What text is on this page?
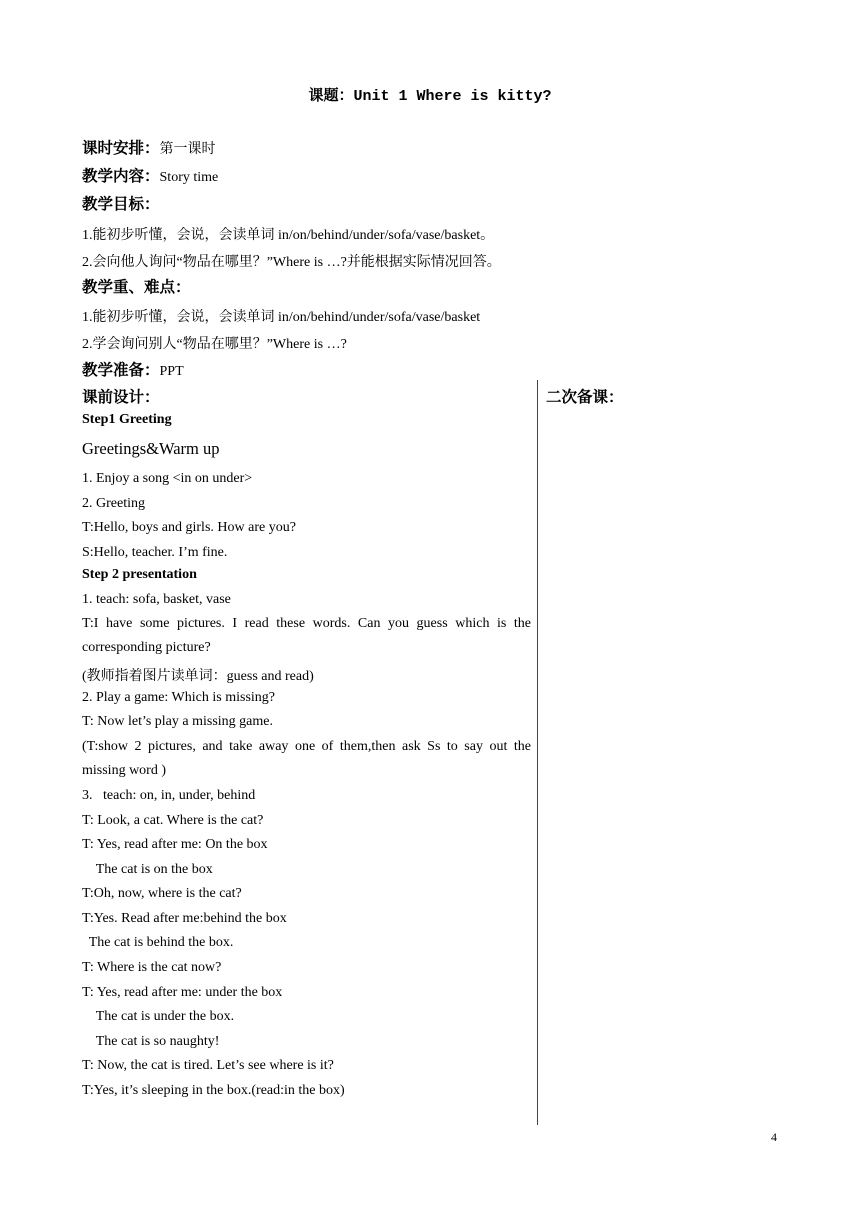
课题：Unit 1 Where is kitty?
课时安排：第一课时
教学内容：Story time
教学目标：
1.能初步听懂，会说，会读单词 in/on/behind/under/sofa/vase/basket。
2.会向他人询问“物品在哪里？”Where is …?并能根据实际情况回答。
教学重、难点：
1.能初步听懂，会说，会读单词 in/on/behind/under/sofa/vase/basket
2.学会询问别人“物品在哪里？”Where is …?
教学准备：PPT
二次备课：
课前设计：
Step1 Greeting
Greetings&Warm up
1. Enjoy a song <in on under>
2. Greeting
T:Hello, boys and girls. How are you?
S:Hello, teacher. I’m fine.
Step 2 presentation
1. teach: sofa, basket, vase
T:I have some pictures. I read these words. Can you guess which is the corresponding picture?
(教师指着图片读单词：guess and read)
2. Play a game: Which is missing?
T: Now let’s play a missing game.
(T:show 2 pictures, and take away one of them,then ask Ss to say out the missing word )
3.   teach: on, in, under, behind
T: Look, a cat. Where is the cat?
T: Yes, read after me: On the box
The cat is on the box
T:Oh, now, where is the cat?
T:Yes. Read after me:behind the box
The cat is behind the box.
T: Where is the cat now?
T: Yes, read after me: under the box
The cat is under the box.
The cat is so naughty!
T: Now, the cat is tired. Let’s see where is it?
T:Yes, it’s sleeping in the box.(read:in the box)
4
